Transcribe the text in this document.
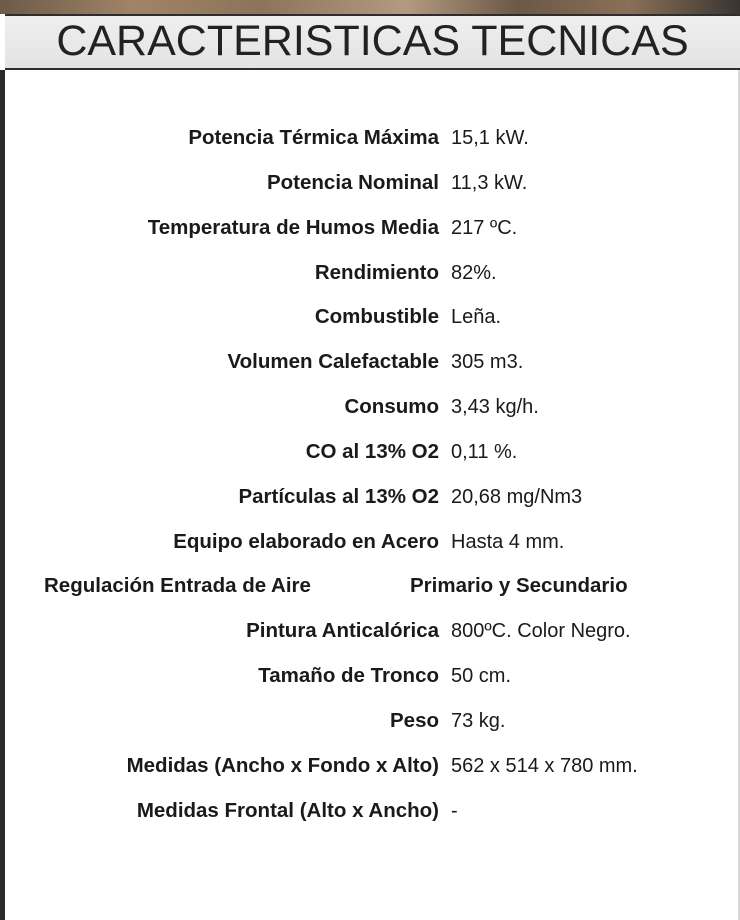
CARACTERISTICAS TECNICAS
Potencia Térmica Máxima 15,1 kW.
Potencia Nominal 11,3 kW.
Temperatura de Humos Media 217 ºC.
Rendimiento 82%.
Combustible Leña.
Volumen Calefactable 305 m3.
Consumo 3,43 kg/h.
CO al 13% O2 0,11 %.
Partículas al 13% O2 20,68 mg/Nm3
Equipo elaborado en Acero Hasta 4 mm.
Regulación Entrada de Aire	Primario y Secundario
Pintura Anticalórica 800ºC. Color Negro.
Tamaño de Tronco 50 cm.
Peso 73 kg.
Medidas (Ancho x Fondo x Alto) 562 x 514 x 780 mm.
Medidas Frontal (Alto x Ancho) -
